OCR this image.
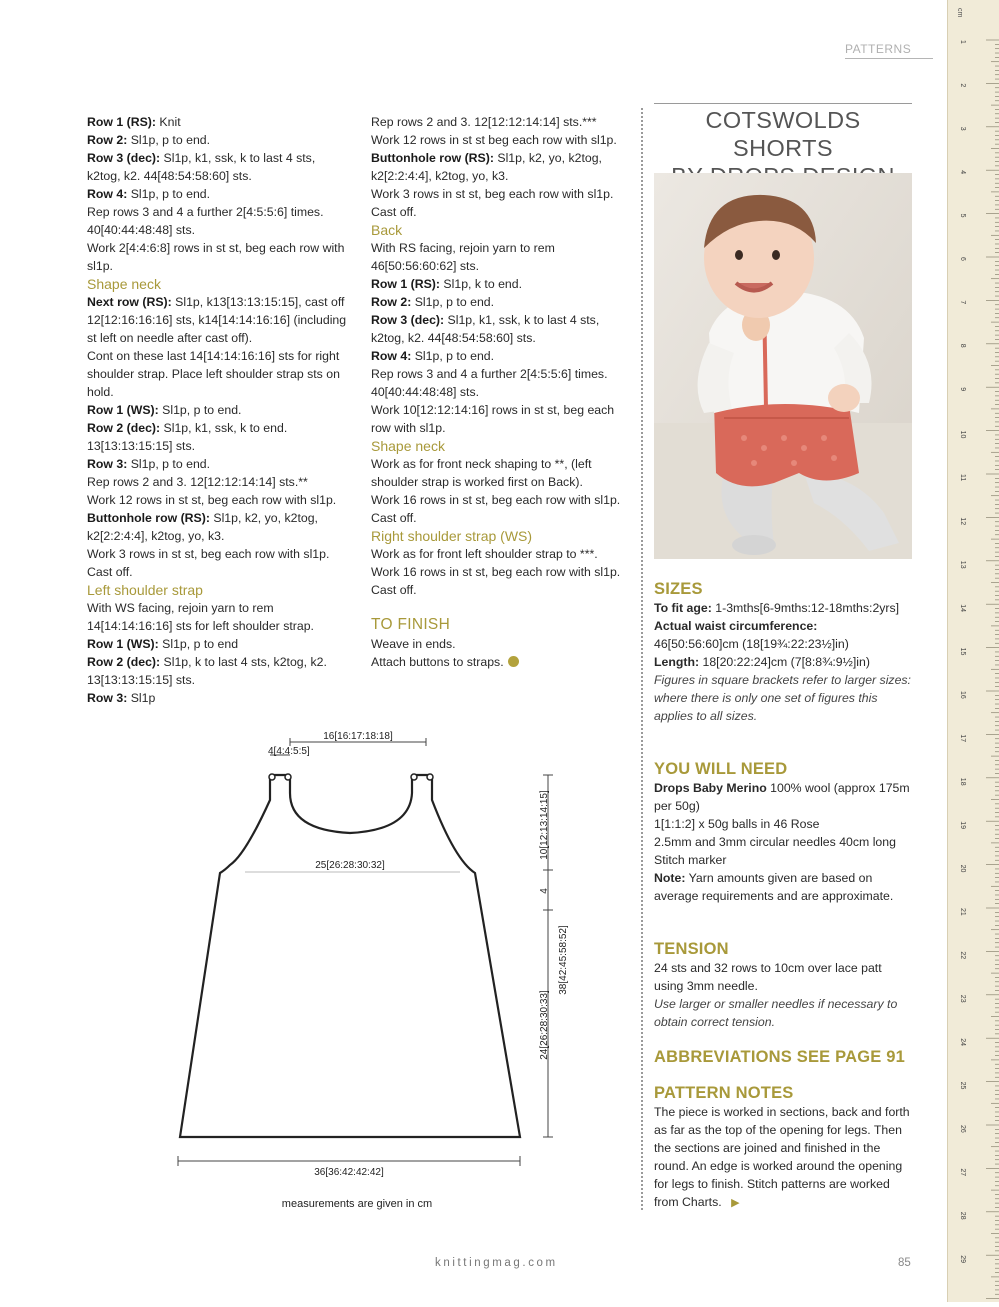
PATTERNS

Row 1 (RS): Knit

Row 2: Sl1p, p to end.

Row 3 (dec): Sl1p, k1, ssk, k to last 4 sts, k2tog, k2. 44[48:54:58:60] sts.

Row 4: Sl1p, p to end.

Rep rows 3 and 4 a further 2[4:5:5:6] times. 40[40:44:48:48] sts.

Work 2[4:4:6:8] rows in st st, beg each row with sl1p.

Shape neck

Next row (RS): Sl1p, k13[13:13:15:15], cast off 12[12:16:16:16] sts, k14[14:14:16:16] (including st left on needle after cast off).

Cont on these last 14[14:14:16:16] sts for right shoulder strap. Place left shoulder strap sts on hold.

Row 1 (WS): Sl1p, p to end.

Row 2 (dec): Sl1p, k1, ssk, k to end. 13[13:13:15:15] sts.

Row 3: Sl1p, p to end.

Rep rows 2 and 3. 12[12:12:14:14] sts.**

Work 12 rows in st st, beg each row with sl1p.

Buttonhole row (RS): Sl1p, k2, yo, k2tog, k2[2:2:4:4], k2tog, yo, k3.

Work 3 rows in st st, beg each row with sl1p.

Cast off.

Left shoulder strap

With WS facing, rejoin yarn to rem 14[14:14:16:16] sts for left shoulder strap.

Row 1 (WS): Sl1p, p to end

Row 2 (dec): Sl1p, k to last 4 sts, k2tog, k2. 13[13:13:15:15] sts.

Row 3: Sl1p

Rep rows 2 and 3. 12[12:12:14:14] sts.***

Work 12 rows in st st beg each row with sl1p.

Buttonhole row (RS): Sl1p, k2, yo, k2tog, k2[2:2:4:4], k2tog, yo, k3.

Work 3 rows in st st, beg each row with sl1p.

Cast off.

Back

With RS facing, rejoin yarn to rem 46[50:56:60:62] sts.

Row 1 (RS): Sl1p, k to end.

Row 2: Sl1p, p to end.

Row 3 (dec): Sl1p, k1, ssk, k to last 4 sts, k2tog, k2. 44[48:54:58:60] sts.

Row 4: Sl1p, p to end.

Rep rows 3 and 4 a further 2[4:5:5:6] times. 40[40:44:48:48] sts.

Work 10[12:12:14:16] rows in st st, beg each row with sl1p.

Shape neck

Work as for front neck shaping to **, (left shoulder strap is worked first on Back).

Work 16 rows in st st, beg each row with sl1p.

Cast off.

Right shoulder strap (WS)

Work as for front left shoulder strap to ***.

Work 16 rows in st st, beg each row with sl1p.

Cast off.

TO FINISH

Weave in ends.

Attach buttons to straps.

COTSWOLDS SHORTS
SIZES

To fit age: 1-3mths[6-9mths:12-18mths:2yrs]

Actual waist circumference:

46[50:56:60]cm (18[19¾:22:23½]in)

Length: 18[20:22:24]cm (7[8:8¾:9½]in)

Figures in square brackets refer to larger sizes: where there is only one set of figures this applies to all sizes.

YOU WILL NEED

Drops Baby Merino 100% wool (approx 175m per 50g)

1[1:1:2] x 50g balls in 46 Rose

2.5mm and 3mm circular needles 40cm long

Stitch marker

Note: Yarn amounts given are based on average requirements and are approximate.

TENSION

24 sts and 32 rows to 10cm over lace patt using 3mm needle.

Use larger or smaller needles if necessary to obtain correct tension.

ABBREVIATIONS SEE PAGE 91
PATTERN NOTES

The piece is worked in sections, back and forth as far as the top of the opening for legs. Then the sections are joined and finished in the round. An edge is worked around the opening for legs to finish. Stitch patterns are worked from Charts. ▶

16[16:17:18:18]
4[4:4:5:5]
25[26:28:30:32]
36[36:42:42:42]
10[12:13:14:15]
4
24[26:28:30:33]
38[42:45:58:52]
measurements are given in cm
cm
1
2
3
4
5
6
7
8
9
10
11
12
13
14
15
16
17
18
19
20
21
22
23
24
25
26
27
28
29
knittingmag.com	85
